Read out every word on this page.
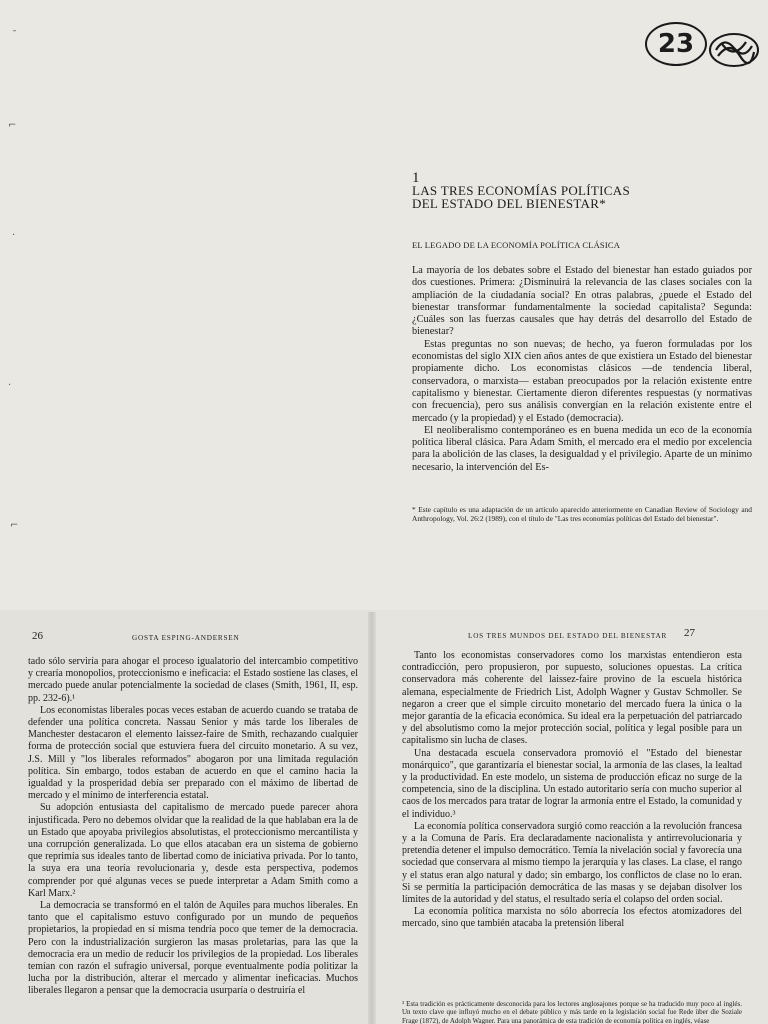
¯
⌐
·
·
⌐
23
1
LAS TRES ECONOMÍAS POLÍTICAS
DEL ESTADO DEL BIENESTAR*
EL LEGADO DE LA ECONOMÍA POLÍTICA CLÁSICA

La mayoría de los debates sobre el Estado del bienestar han estado guiados por dos cuestiones. Primera: ¿Disminuirá la relevancia de las clases sociales con la ampliación de la ciudadanía social? En otras palabras, ¿puede el Estado del bienestar transformar fundamentalmente la sociedad capitalista? Segunda: ¿Cuáles son las fuerzas causales que hay detrás del desarrollo del Estado de bienestar?

Estas preguntas no son nuevas; de hecho, ya fueron formuladas por los economistas del siglo XIX cien años antes de que existiera un Estado del bienestar propiamente dicho. Los economistas clásicos —de tendencia liberal, conservadora, o marxista— estaban preocupados por la relación existente entre capitalismo y bienestar. Ciertamente dieron diferentes respuestas (y normativas con frecuencia), pero sus análisis convergían en la relación existente entre el mercado (y la propiedad) y el Estado (democracia).

El neoliberalismo contemporáneo es en buena medida un eco de la economía política liberal clásica. Para Adam Smith, el mercado era el medio por excelencia para la abolición de las clases, la desigualdad y el privilegio. Aparte de un mínimo necesario, la intervención del Es-

* Este capítulo es una adaptación de un artículo aparecido anteriormente en Canadian Review of Sociology and Anthropology, Vol. 26:2 (1989), con el título de "Las tres economías políticas del Estado del bienestar".
26	GOSTA ESPING-ANDERSEN

tado sólo serviría para ahogar el proceso igualatorio del intercambio competitivo y crearía monopolios, proteccionismo e ineficacia: el Estado sostiene las clases, el mercado puede anular potencialmente la sociedad de clases (Smith, 1961, II, esp. pp. 232-6).¹

Los economistas liberales pocas veces estaban de acuerdo cuando se trataba de defender una política concreta. Nassau Senior y más tarde los liberales de Manchester destacaron el elemento laissez-faire de Smith, rechazando cualquier forma de protección social que estuviera fuera del circuito monetario. A su vez, J.S. Mill y "los liberales reformados" abogaron por una limitada regulación política. Sin embargo, todos estaban de acuerdo en que el camino hacia la igualdad y la prosperidad debía ser preparado con el máximo de libertad de mercado y el mínimo de interferencia estatal.

Su adopción entusiasta del capitalismo de mercado puede parecer ahora injustificada. Pero no debemos olvidar que la realidad de la que hablaban era la de un Estado que apoyaba privilegios absolutistas, el proteccionismo mercantilista y una corrupción generalizada. Lo que ellos atacaban era un sistema de gobierno que reprimía sus ideales tanto de libertad como de iniciativa privada. Por lo tanto, la suya era una teoría revolucionaria y, desde esta perspectiva, podemos comprender por qué algunas veces se puede interpretar a Adam Smith como a Karl Marx.²

La democracia se transformó en el talón de Aquiles para muchos liberales. En tanto que el capitalismo estuvo configurado por un mundo de pequeños propietarios, la propiedad en sí misma tendría poco que temer de la democracia. Pero con la industrialización surgieron las masas proletarias, para las que la democracia era un medio de reducir los privilegios de la propiedad. Los liberales temían con razón el sufragio universal, porque eventualmente podía politizar la lucha por la distribución, alterar el mercado y alimentar ineficacias. Muchos liberales llegaron a pensar que la democracia usurparía o destruiría el

LOS TRES MUNDOS DEL ESTADO DEL BIENESTAR 27

Tanto los economistas conservadores como los marxistas entendieron esta contradicción, pero propusieron, por supuesto, soluciones opuestas. La crítica conservadora más coherente del laissez-faire provino de la escuela histórica alemana, especialmente de Friedrich List, Adolph Wagner y Gustav Schmoller. Se negaron a creer que el simple circuito monetario del mercado fuera la única o la mejor garantía de la eficacia económica. Su ideal era la perpetuación del patriarcado y del absolutismo como la mejor protección social, política y legal posible para un capitalismo sin lucha de clases.

Una destacada escuela conservadora promovió el "Estado del bienestar monárquico", que garantizaría el bienestar social, la armonía de las clases, la lealtad y la productividad. En este modelo, un sistema de producción eficaz no surge de la competencia, sino de la disciplina. Un estado autoritario sería con mucho superior al caos de los mercados para tratar de lograr la armonía entre el Estado, la comunidad y el individuo.³

La economía política conservadora surgió como reacción a la revolución francesa y a la Comuna de París. Era declaradamente nacionalista y antirrevolucionaria y pretendía detener el impulso democrático. Temía la nivelación social y favorecía una sociedad que conservara al mismo tiempo la jerarquía y las clases. La clase, el rango y el status eran algo natural y dado; sin embargo, los conflictos de clase no lo eran. Si se permitía la participación democrática de las masas y se dejaban disolver los límites de la autoridad y del status, el resultado sería el colapso del orden social.

La economía política marxista no sólo aborrecía los efectos atomizadores del mercado, sino que también atacaba la pretensión liberal

³ Esta tradición es prácticamente desconocida para los lectores anglosajones porque se ha traducido muy poco al inglés. Un texto clave que influyó mucho en el debate público y más tarde en la legislación social fue Rede über die Soziale Frage (1872), de Adolph Wagner. Para una panorámica de esta tradición de economía política en inglés, véase
